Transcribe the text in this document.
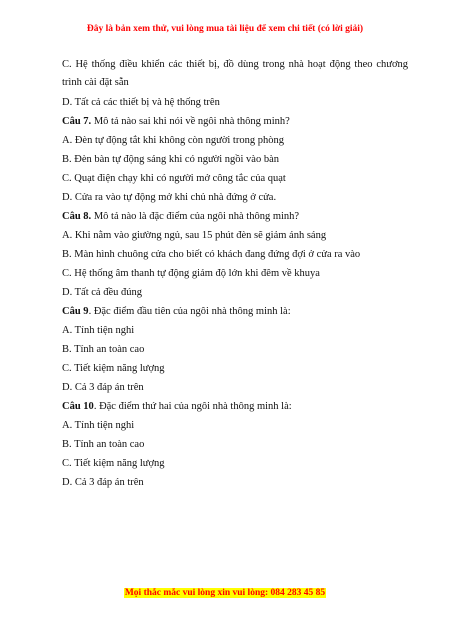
Đây là bản xem thử, vui lòng mua tài liệu để xem chi tiết (có lời giải)
C. Hệ thống điều khiển các thiết bị, đồ dùng trong nhà hoạt động theo chương trình cài đặt sẵn
D. Tất cả các thiết bị và hệ thống trên
Câu 7. Mô tả nào sai khi nói về ngôi nhà thông minh?
A. Đèn tự động tắt khi không còn người trong phòng
B. Đèn bàn tự động sáng khi có người ngồi vào bàn
C. Quạt điện chạy khi có người mở công tắc của quạt
D. Cửa ra vào tự động mở khi chủ nhà đứng ở cửa.
Câu 8. Mô tả nào là đặc điểm của ngôi nhà thông minh?
A. Khi nằm vào giường ngủ, sau 15 phút đèn sẽ giảm ánh sáng
B. Màn hình chuông cửa cho biết có khách đang đứng đợi ở cửa ra vào
C. Hệ thống âm thanh tự động giảm độ lớn khi đêm về khuya
D. Tất cả đều đúng
Câu 9. Đặc điểm đầu tiên của ngôi nhà thông minh là:
A. Tính tiện nghi
B. Tính an toàn cao
C. Tiết kiệm năng lượng
D. Cả 3 đáp án trên
Câu 10. Đặc điểm thứ hai của ngôi nhà thông minh là:
A. Tính tiện nghi
B. Tính an toàn cao
C. Tiết kiệm năng lượng
D. Cả 3 đáp án trên
Mọi thắc mắc vui lòng xin vui lòng: 084 283 45 85
